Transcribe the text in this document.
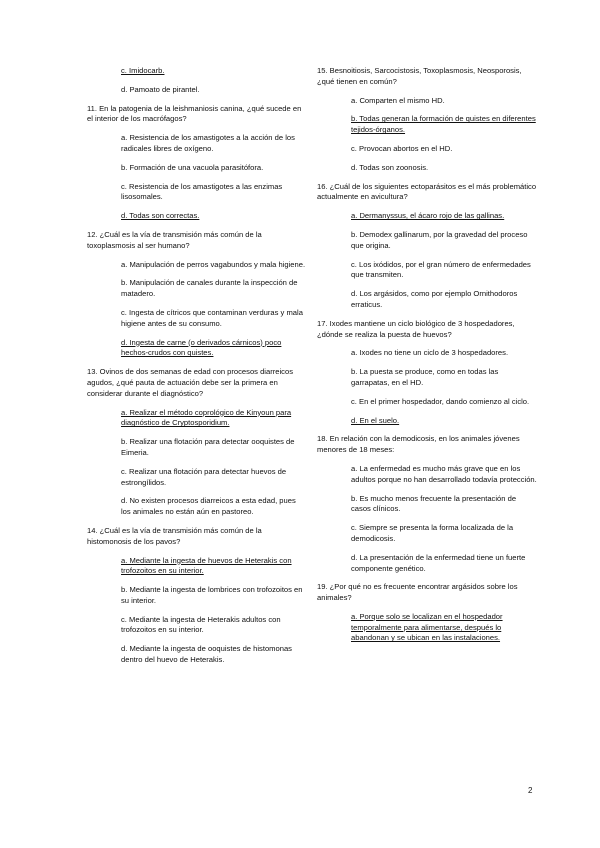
c. Imidocarb.
d. Pamoato de pirantel.
11. En la patogenia de la leishmaniosis canina, ¿qué sucede en el interior de los macrófagos?
a. Resistencia de los amastigotes a la acción de los radicales libres de oxígeno.
b. Formación de una vacuola parasitófora.
c. Resistencia de los amastigotes a las enzimas lisosomales.
d. Todas son correctas.
12. ¿Cuál es la vía de transmisión más común de la toxoplasmosis al ser humano?
a. Manipulación de perros vagabundos y mala higiene.
b. Manipulación de canales durante la inspección de matadero.
c. Ingesta de cítricos que contaminan verduras y mala higiene antes de su consumo.
d. Ingesta de carne (o derivados cárnicos) poco hechos-crudos con quistes.
13. Ovinos de dos semanas de edad con procesos diarreicos agudos, ¿qué pauta de actuación debe ser la primera en considerar durante el diagnóstico?
a. Realizar el método coprológico de Kinyoun para diagnóstico de Cryptosporidium.
b. Realizar una flotación para detectar ooquistes de Eimeria.
c. Realizar una flotación para detectar huevos de estrongílidos.
d. No existen procesos diarreicos a esta edad, pues los animales no están aún en pastoreo.
14. ¿Cuál es la vía de transmisión más común de la histomonosis de los pavos?
a. Mediante la ingesta de huevos de Heterakis con trofozoitos en su interior.
b. Mediante la ingesta de lombrices con trofozoitos en su interior.
c. Mediante la ingesta de Heterakis adultos con trofozoitos en su interior.
d. Mediante la ingesta de ooquistes de histomonas dentro del huevo de Heterakis.
15. Besnoitiosis, Sarcocistosis, Toxoplasmosis, Neosporosis, ¿qué tienen en común?
a. Comparten el mismo HD.
b. Todas generan la formación de quistes en diferentes tejidos-órganos.
c. Provocan abortos en el HD.
d. Todas son zoonosis.
16. ¿Cuál de los siguientes ectoparásitos es el más problemático actualmente en avicultura?
a. Dermanyssus, el ácaro rojo de las gallinas.
b. Demodex gallinarum, por la gravedad del proceso que origina.
c. Los ixódidos, por el gran número de enfermedades que transmiten.
d. Los argásidos, como por ejemplo Ornithodoros erraticus.
17. Ixodes mantiene un ciclo biológico de 3 hospedadores, ¿dónde se realiza la puesta de huevos?
a. Ixodes no tiene un ciclo de 3 hospedadores.
b. La puesta se produce, como en todas las garrapatas, en el HD.
c. En el primer hospedador, dando comienzo al ciclo.
d. En el suelo.
18. En relación con la demodicosis, en los animales jóvenes menores de 18 meses:
a. La enfermedad es mucho más grave que en los adultos porque no han desarrollado todavía protección.
b. Es mucho menos frecuente la presentación de casos clínicos.
c. Siempre se presenta la forma localizada de la demodicosis.
d. La presentación de la enfermedad tiene un fuerte componente genético.
19. ¿Por qué no es frecuente encontrar argásidos sobre los animales?
a. Porque solo se localizan en el hospedador temporalmente para alimentarse, después lo abandonan y se ubican en las instalaciones.
2
